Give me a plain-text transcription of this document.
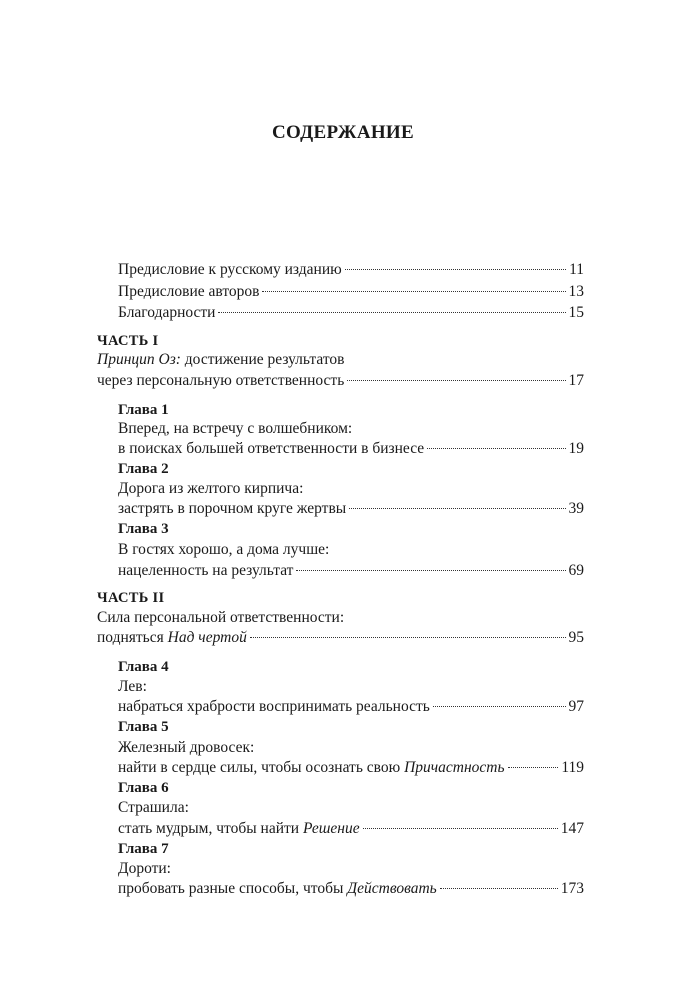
СОДЕРЖАНИЕ
Предисловие к русскому изданию	11
Предисловие авторов	13
Благодарности	15
ЧАСТЬ I
Принцип Оз: достижение результатов
через персональную ответственность	17
Глава 1
Вперед, на встречу с волшебником:
в поисках большей ответственности в бизнесе	19
Глава 2
Дорога из желтого кирпича:
застрять в порочном круге жертвы	39
Глава 3
В гостях хорошо, а дома лучше:
нацеленность на результат	69
ЧАСТЬ II
Сила персональной ответственности:
подняться Над чертой	95
Глава 4
Лев:
набраться храбрости воспринимать реальность	97
Глава 5
Железный дровосек:
найти в сердце силы, чтобы осознать свою Причастность	119
Глава 6
Страшила:
стать мудрым, чтобы найти Решение	147
Глава 7
Дороти:
пробовать разные способы, чтобы Действовать	173
